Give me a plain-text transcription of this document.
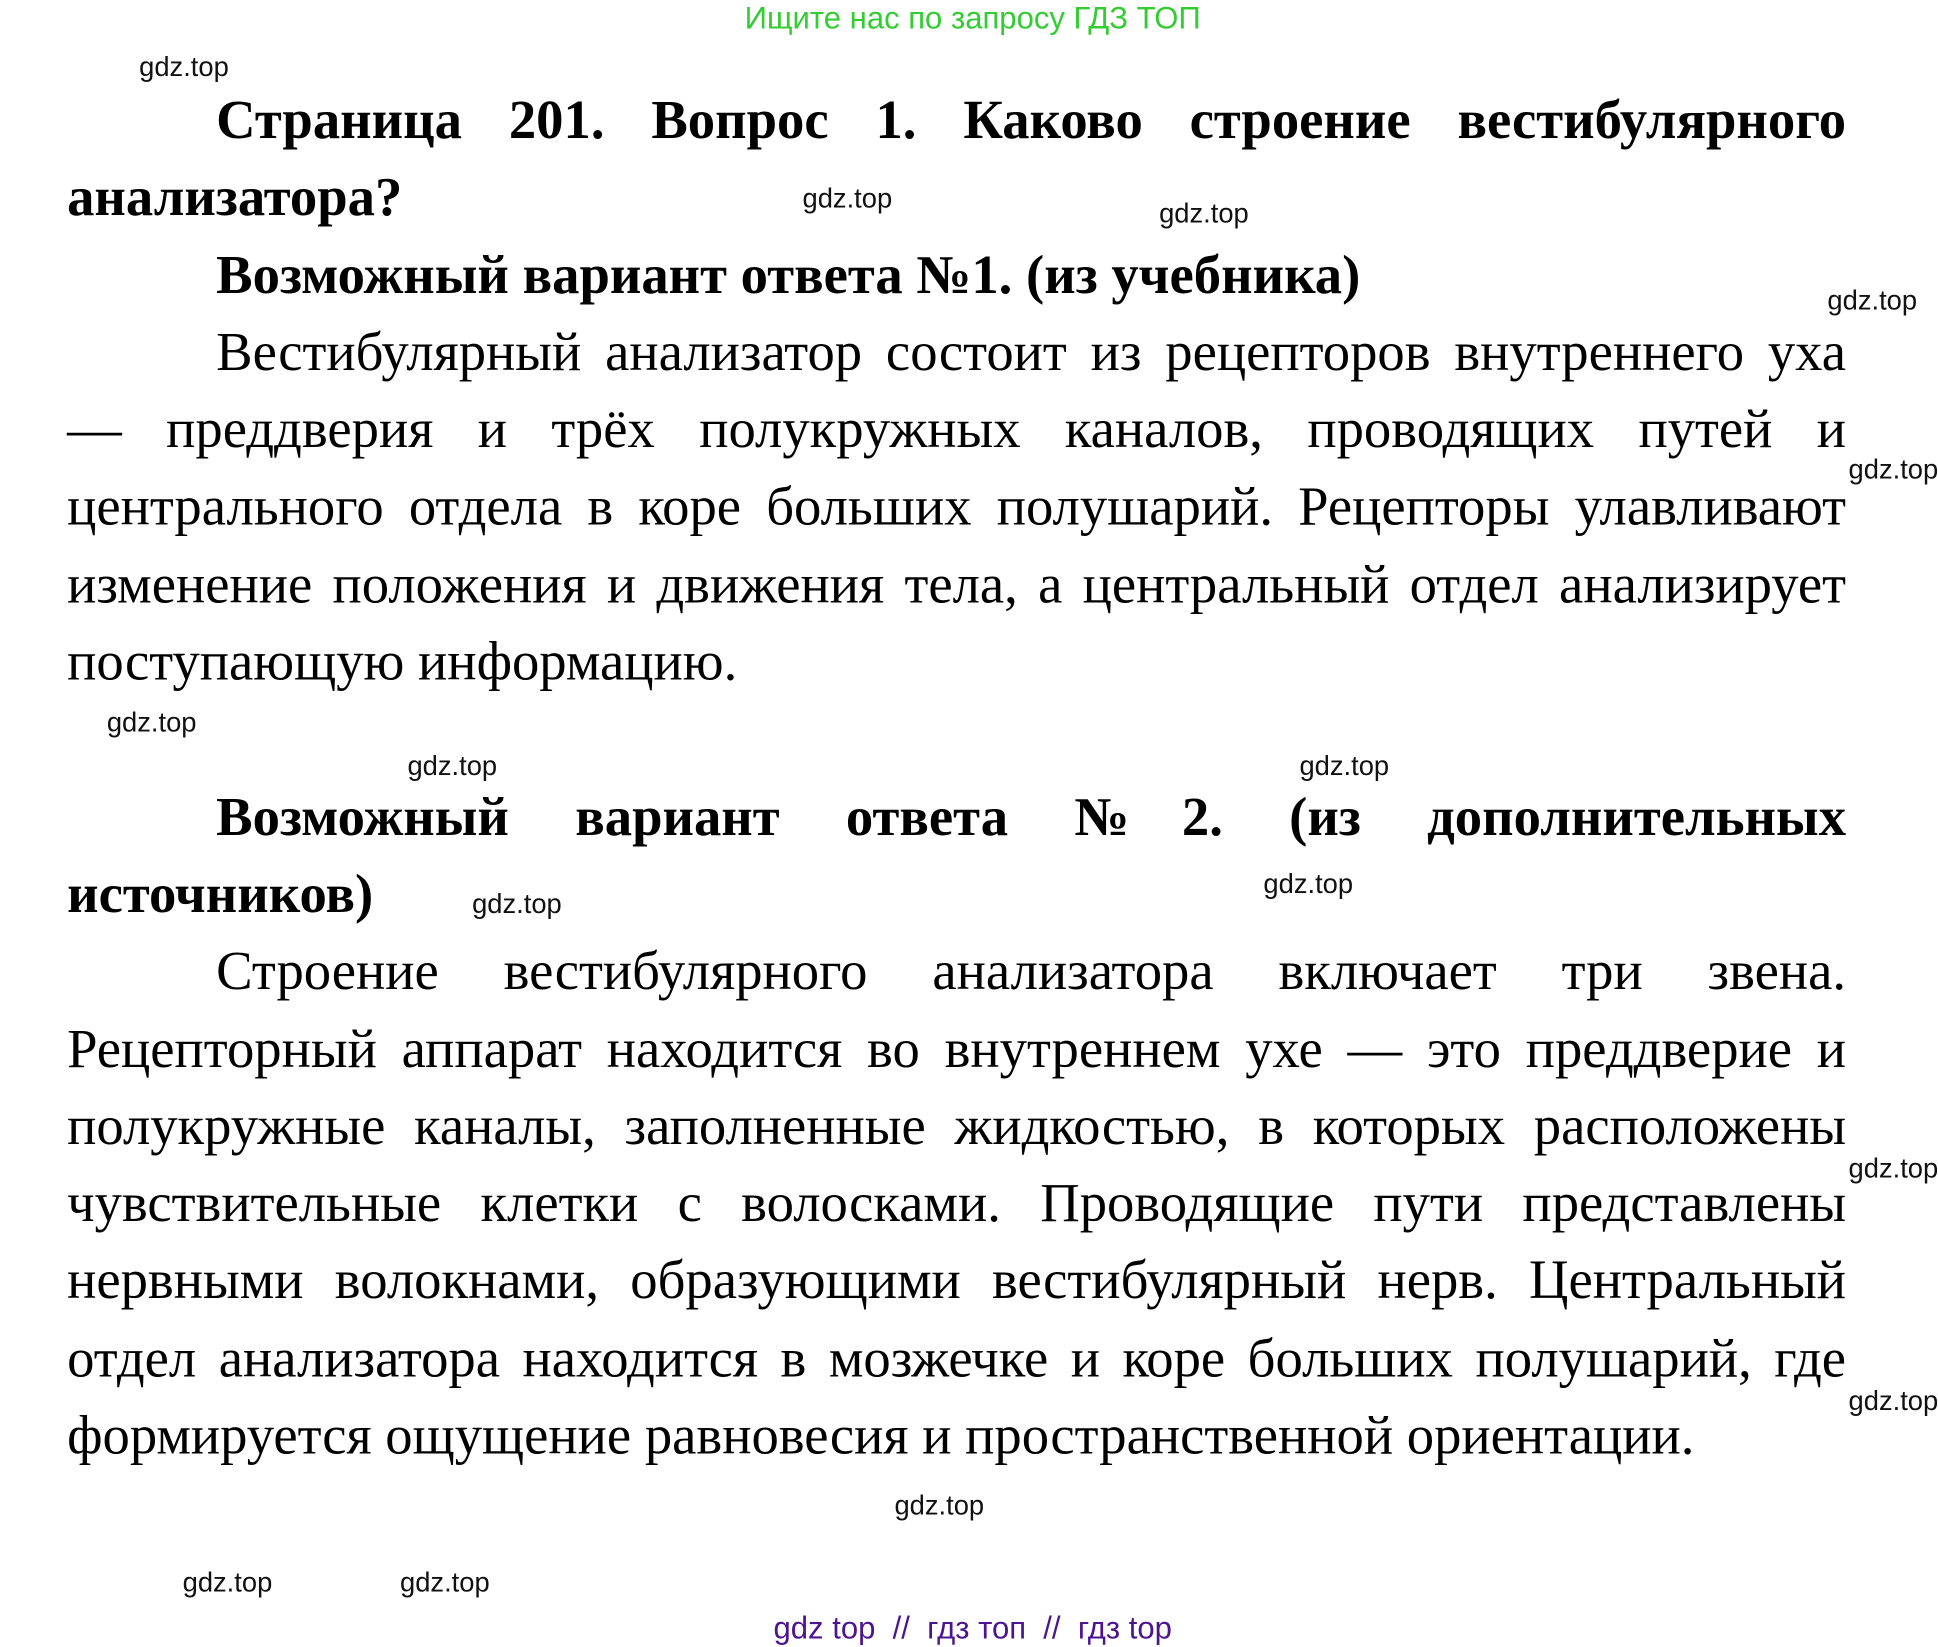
Ищите нас по запросу ГДЗ ТОП

Страница 201. Вопрос 1. Каково строение вестибулярного анализатора?

Возможный вариант ответа №1. (из учебника)

Вестибулярный анализатор состоит из рецепторов внутреннего уха — преддверия и трёх полукружных каналов, проводящих путей и центрального отдела в коре больших полушарий. Рецепторы улавливают изменение положения и движения тела, а центральный отдел анализирует поступающую информацию.

Возможный вариант ответа №2. (из дополнительных источников)

Строение вестибулярного анализатора включает три звена. Рецепторный аппарат находится во внутреннем ухе — это преддверие и полукружные каналы, заполненные жидкостью, в которых расположены чувствительные клетки с волосками. Проводящие пути представлены нервными волокнами, образующими вестибулярный нерв. Центральный отдел анализатора находится в мозжечке и коре больших полушарий, где формируется ощущение равновесия и пространственной ориентации.

gdz.top
gdz.top	gdz.top
gdz.top
gdz.top
gdz.top	gdz.top
gdz.top
gdz.top
gdz.top
gdz.top
gdz.top
gdz.top
gdz.top
gdz.top
gdz top  //  гдз топ  //  гдз top
